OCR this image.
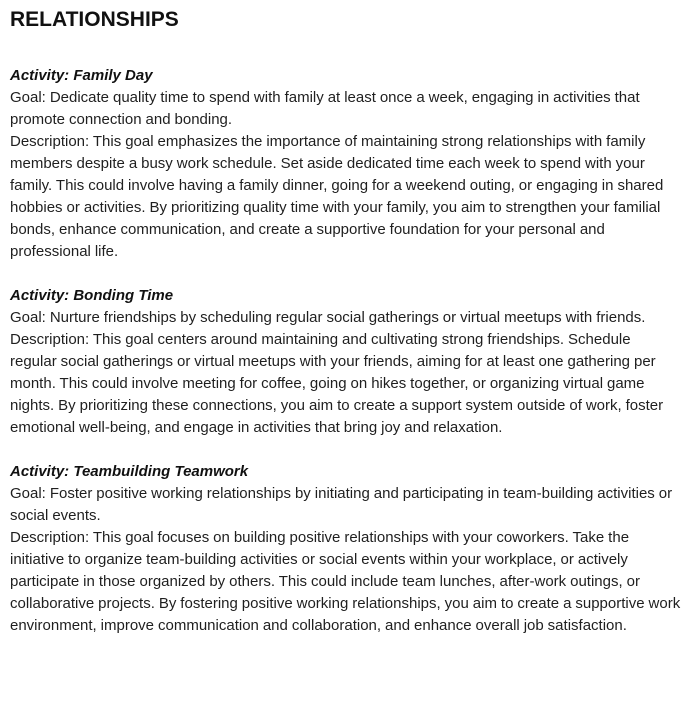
RELATIONSHIPS

Activity: Family Day

Goal: Dedicate quality time to spend with family at least once a week, engaging in activities that promote connection and bonding.

Description: This goal emphasizes the importance of maintaining strong relationships with family members despite a busy work schedule. Set aside dedicated time each week to spend with your family. This could involve having a family dinner, going for a weekend outing, or engaging in shared hobbies or activities. By prioritizing quality time with your family, you aim to strengthen your familial bonds, enhance communication, and create a supportive foundation for your personal and professional life.

Activity: Bonding Time

Goal: Nurture friendships by scheduling regular social gatherings or virtual meetups with friends.

Description: This goal centers around maintaining and cultivating strong friendships. Schedule regular social gatherings or virtual meetups with your friends, aiming for at least one gathering per month. This could involve meeting for coffee, going on hikes together, or organizing virtual game nights. By prioritizing these connections, you aim to create a support system outside of work, foster emotional well-being, and engage in activities that bring joy and relaxation.

Activity: Teambuilding Teamwork

Goal: Foster positive working relationships by initiating and participating in team-building activities or social events.

Description: This goal focuses on building positive relationships with your coworkers. Take the initiative to organize team-building activities or social events within your workplace, or actively participate in those organized by others. This could include team lunches, after-work outings, or collaborative projects. By fostering positive working relationships, you aim to create a supportive work environment, improve communication and collaboration, and enhance overall job satisfaction.
